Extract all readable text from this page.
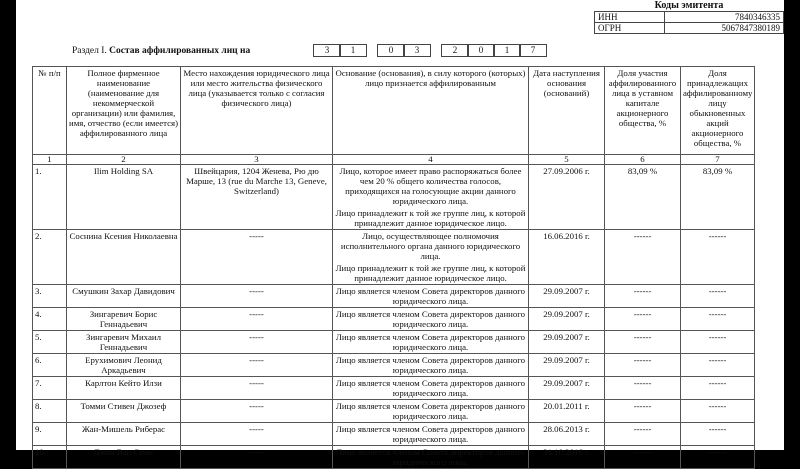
Коды эмитента
ИНН	7840346335
ОГРН	5067847380189
Раздел I. Состав аффилированных лиц на	3	1	0	3	2	0	1	7
№ п/п	Полное фирменное наименование (наименование для некоммерческой организации) или фамилия, имя, отчество (если имеется) аффилированного лица	Место нахождения юридического лица или место жительства физического лица (указывается только с согласия физического лица)	Основание (основания), в силу которого (которых) лицо признается аффилированным	Дата наступления основания (оснований)	Доля участия аффилированного лица в уставном капитале акционерного общества, %	Доля принадлежащих аффилированному лицу обыкновенных акций акционерного общества, %
1	2	3	4	5	6	7
1.	Ilim Holding SA	Швейцария, 1204 Женева, Рю дю Марше, 13 (rue du Marche 13, Geneve, Switzerland)	Лицо, которое имеет право распоряжаться более чем 20 % общего количества голосов, приходящихся на голосующие акции данного юридического лица.

Лицо принадлежит к той же группе лиц, к которой принадлежит данное юридическое лицо.	27.09.2006 г.	83,09 %	83,09 %
2.	Соснина Ксения Николаевна	-----	Лицо, осуществляющее полномочия исполнительного органа данного юридического лица.

Лицо принадлежит к той же группе лиц, к которой принадлежит данное юридическое лицо.	16.06.2016 г.	------	------
3.	Смушкин Захар Давидович	-----	Лицо является членом Совета директоров данного юридического лица.	29.09.2007 г.	------	------
4.	Зингаревич Борис Геннадьевич	-----	Лицо является членом Совета директоров данного юридического лица.	29.09.2007 г.	------	------
5.	Зингаревич Михаил Геннадьевич	-----	Лицо является членом Совета директоров данного юридического лица.	29.09.2007 г.	------	------
6.	Ерухимович Леонид Аркадьевич	-----	Лицо является членом Совета директоров данного юридического лица.	29.09.2007 г.	------	------
7.	Карлтон Кейто Илзи	-----	Лицо является членом Совета директоров данного юридического лица.	29.09.2007 г.	------	------
8.	Томми Стивен Джозеф	-----	Лицо является членом Совета директоров данного юридического лица.	20.01.2011 г.	------	------
9.	Жан-Мишель Риберас	-----	Лицо является членом Совета директоров данного юридического лица.	28.06.2013 г.	------	------
10.	Джон Ван Симс	-----	Лицо является членом Совета директоров данного юридического лица.	31.10.2016 г.	------	------
